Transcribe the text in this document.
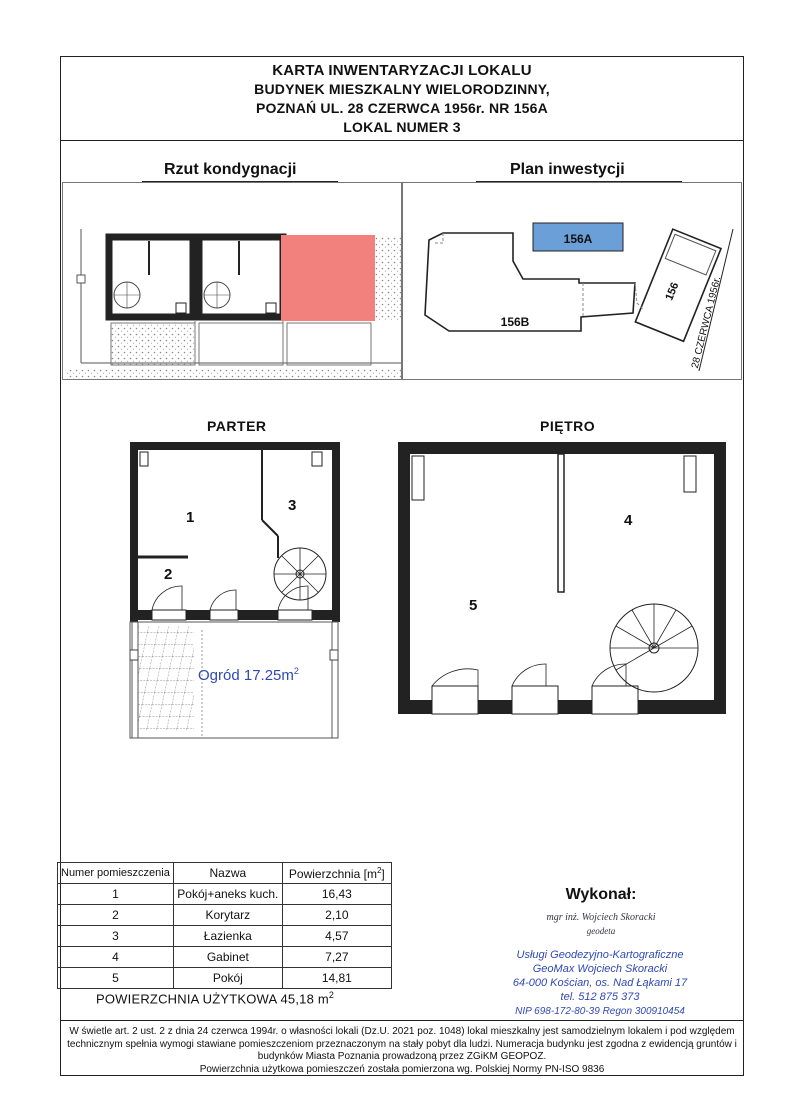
KARTA INWENTARYZACJI LOKALU
BUDYNEK MIESZKALNY WIELORODZINNY,
POZNAŃ UL. 28 CZERWCA 1956r. NR 156A
LOKAL NUMER 3
Rzut kondygnacji	Plan inwestycji
156A
156B
156 28 CZERWCA 1956r.
PARTER
1
2
3
Ogród $17.25m^2$
PIĘTRO
4
5
Numer pomieszczenia	Nazwa	Powierzchnia $[m^2]$
1	Pokój+aneks kuch.	16,43
2	Korytarz	2,10
3	Łazienka	4,57
4	Gabinet	7,27
5	Pokój	14,81
POWIERZCHNIA UŻYTKOWA 45,18 $m^2$
Wykonał:
mgr inż. Wojciech Skoracki
geodeta
Usługi Geodezyjno-Kartograficzne
GeoMax Wojciech Skoracki
64-000 Kościan, os. Nad Łąkami 17
tel. 512 875 373
NIP 698-172-80-39 Regon 300910454
W świetle art. 2 ust. 2 z dnia 24 czerwca 1994r. o własności lokali (Dz.U. 2021 poz. 1048) lokal mieszkalny jest samodzielnym lokalem i pod względem
technicznym spełnia wymogi stawiane pomieszczeniom przeznaczonym na stały pobyt dla ludzi. Numeracja budynku jest zgodna z ewidencją gruntów i
budynków Miasta Poznania prowadzoną przez ZGiKM GEOPOZ.
Powierzchnia użytkowa pomieszczeń została pomierzona wg. Polskiej Normy PN-ISO 9836
